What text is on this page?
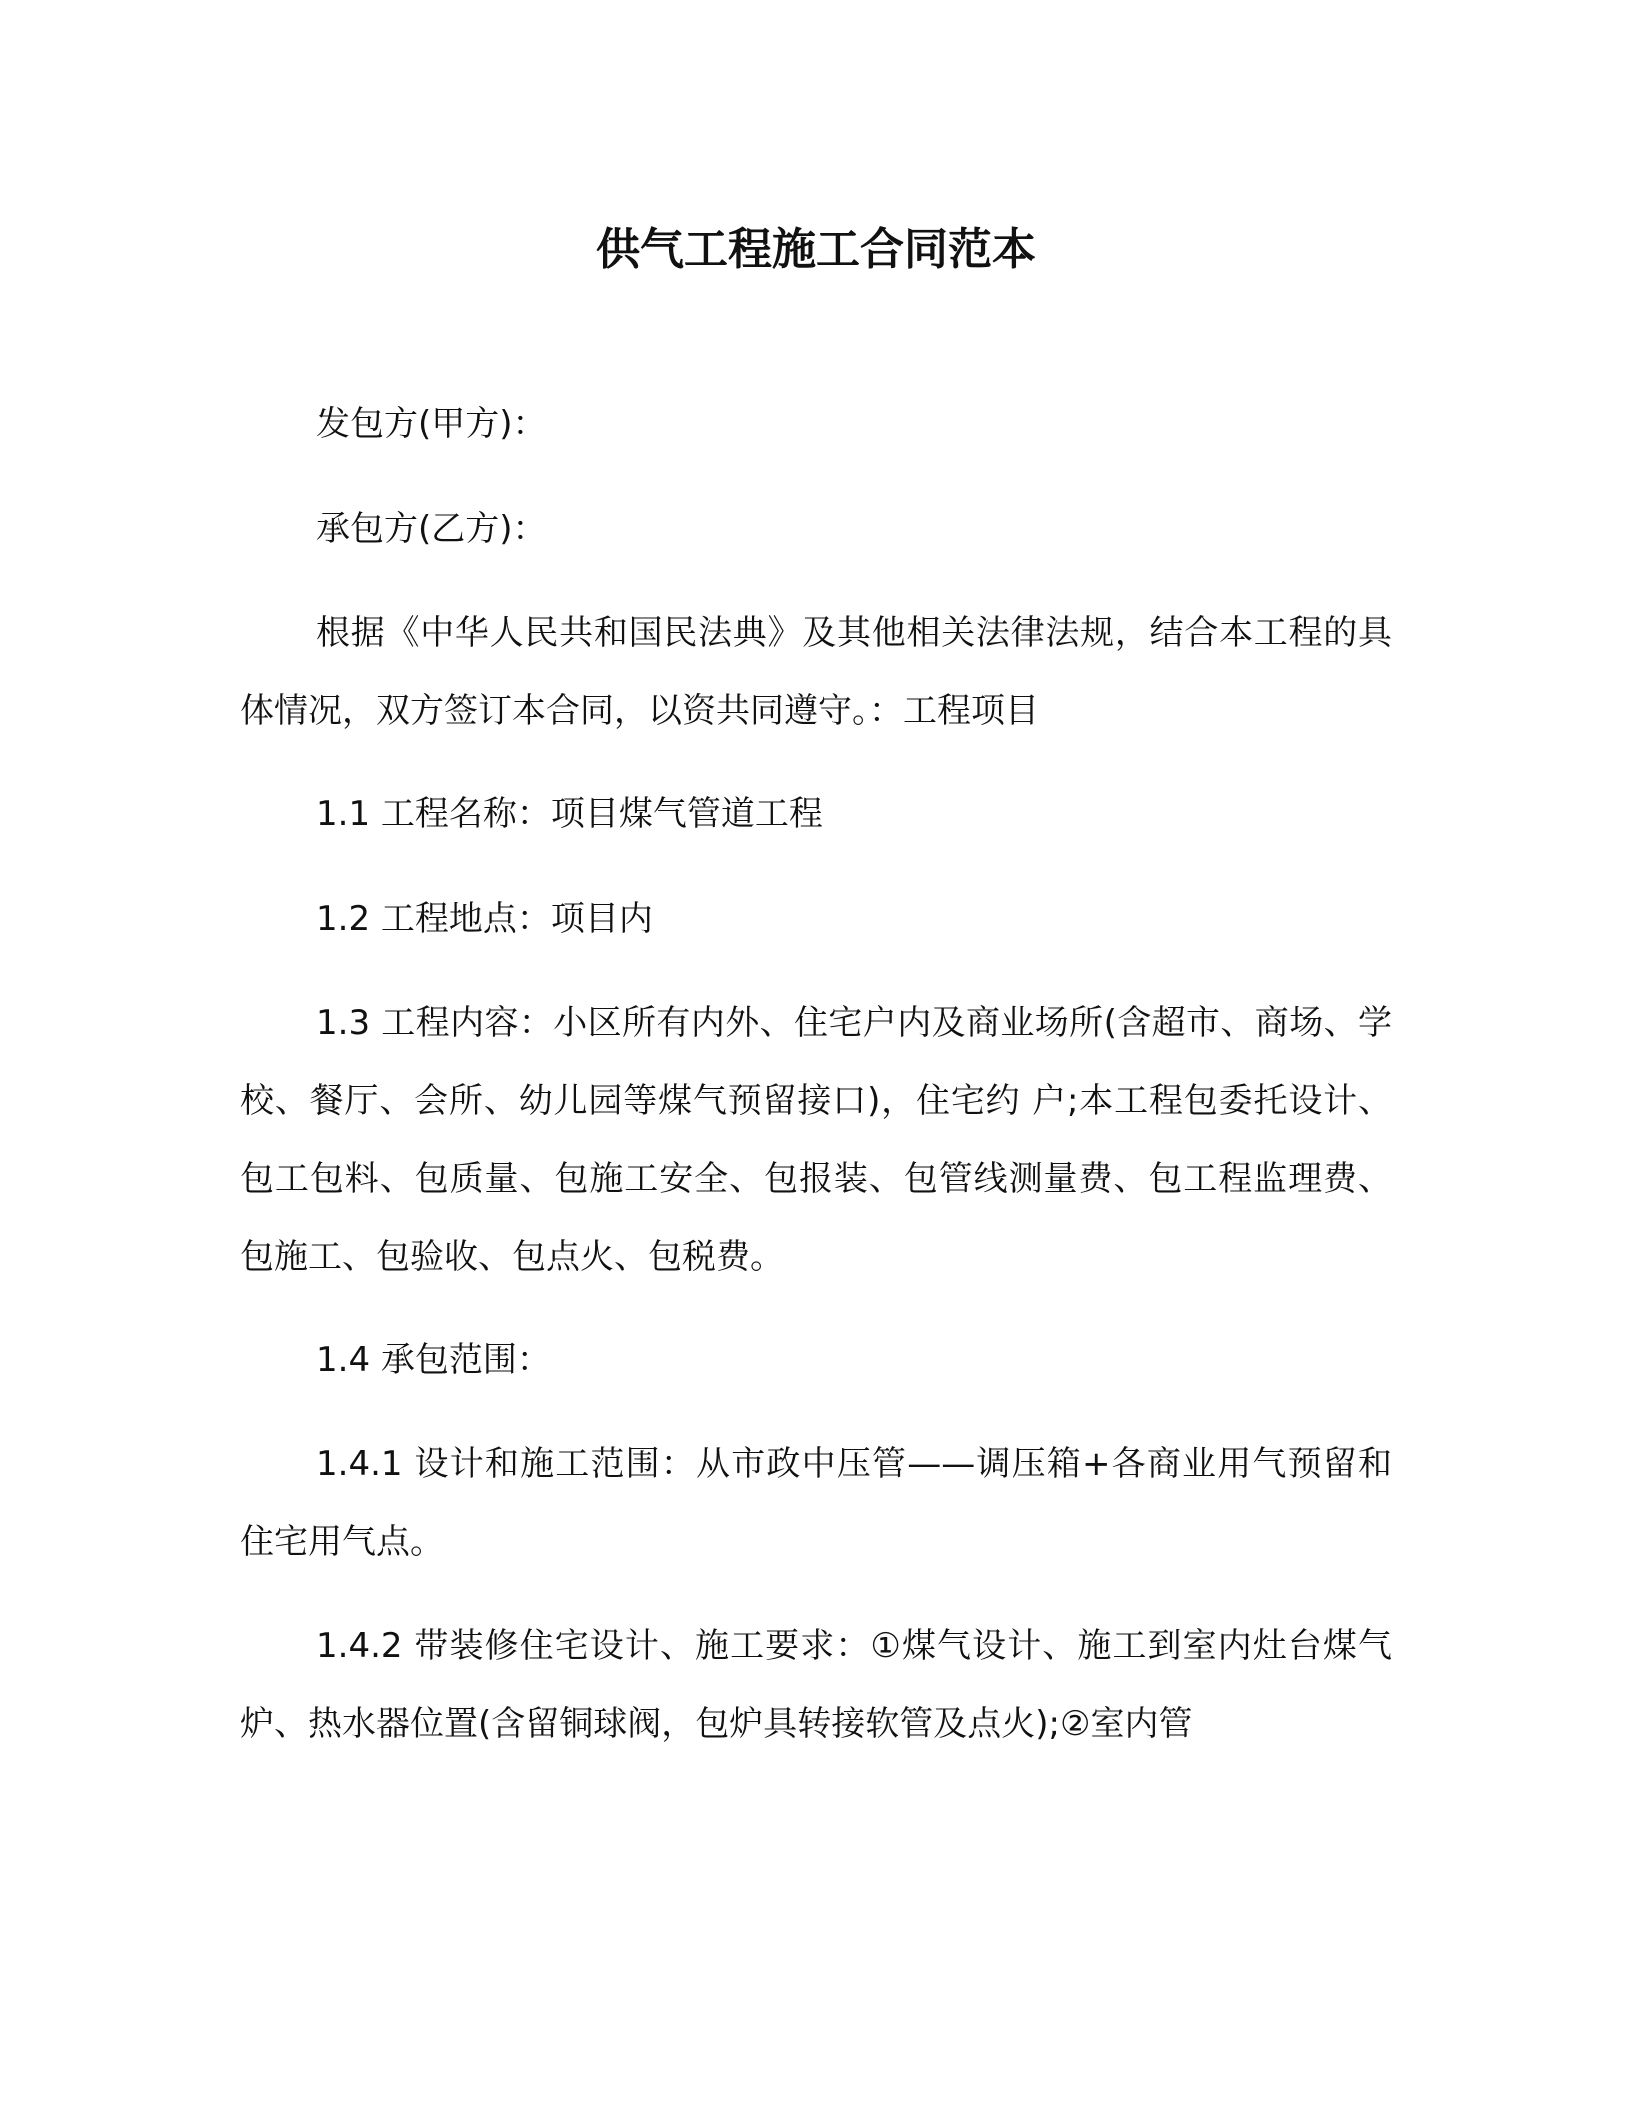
供气工程施工合同范本

发包方(甲方)：

承包方(乙方)：

根据《中华人民共和国民法典》及其他相关法律法规，结合本工程的具体情况，双方签订本合同，以资共同遵守。：工程项目

1.1 工程名称：项目煤气管道工程

1.2 工程地点：项目内

1.3 工程内容：小区所有内外、住宅户内及商业场所(含超市、商场、学校、餐厅、会所、幼儿园等煤气预留接口)，住宅约 户;本工程包委托设计、包工包料、包质量、包施工安全、包报装、包管线测量费、包工程监理费、包施工、包验收、包点火、包税费。

1.4 承包范围：

1.4.1 设计和施工范围：从市政中压管——调压箱+各商业用气预留和住宅用气点。

1.4.2 带装修住宅设计、施工要求：①煤气设计、施工到室内灶台煤气炉、热水器位置(含留铜球阀，包炉具转接软管及点火);②室内管
